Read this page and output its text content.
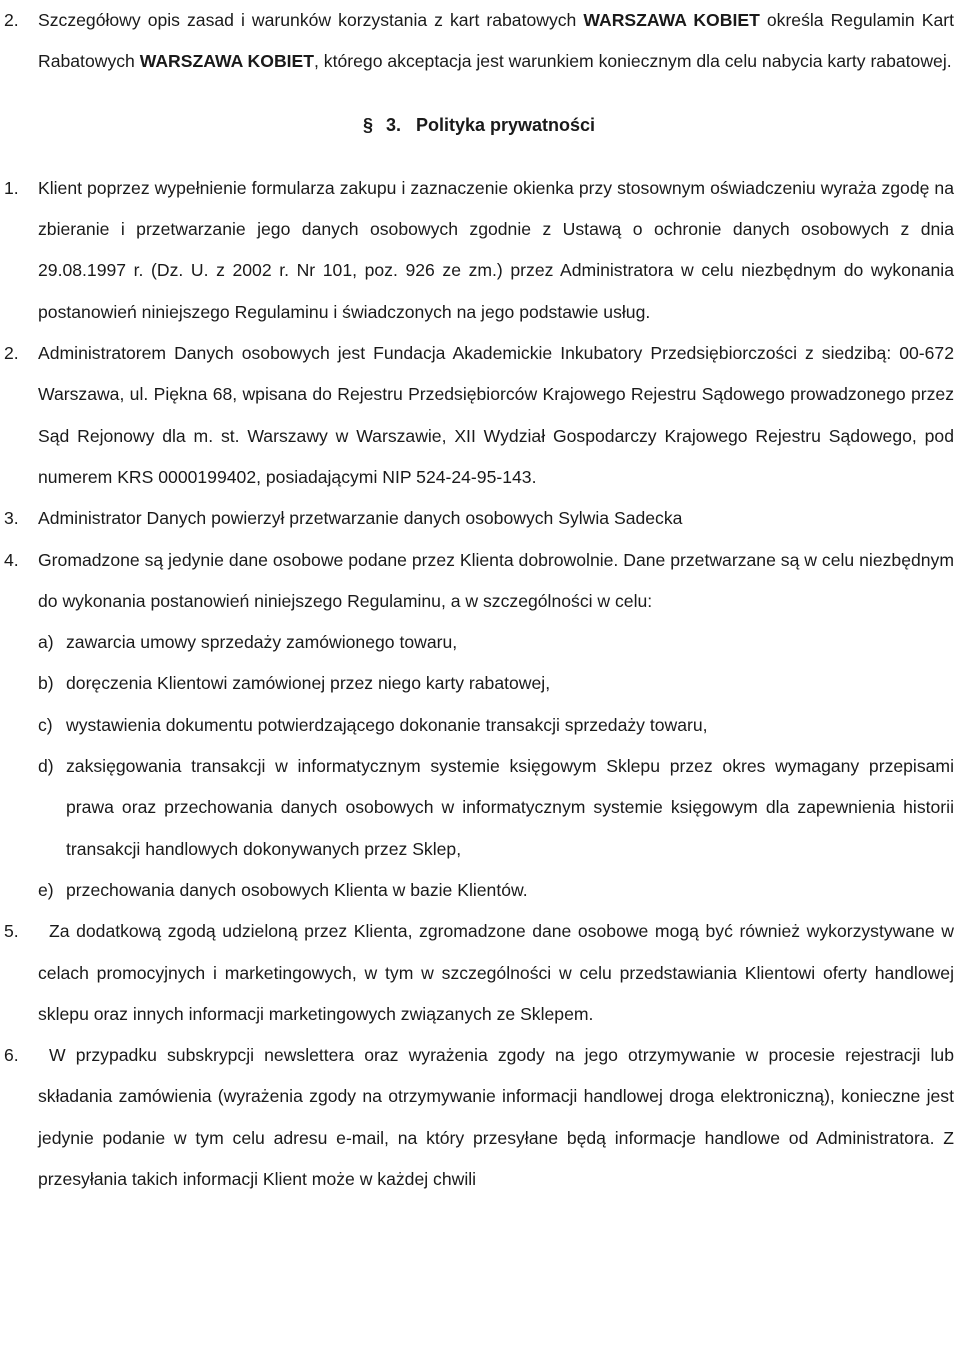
2.	Szczegółowy opis zasad i warunków korzystania z kart rabatowych WARSZAWA KOBIET określa Regulamin Kart Rabatowych WARSZAWA KOBIET, którego akceptacja jest warunkiem koniecznym dla celu nabycia karty rabatowej.
§ 3. Polityka prywatności
1.	Klient poprzez wypełnienie formularza zakupu i zaznaczenie okienka przy stosownym oświadczeniu wyraża zgodę na zbieranie i przetwarzanie jego danych osobowych zgodnie z Ustawą o ochronie danych osobowych z dnia 29.08.1997 r. (Dz. U. z 2002 r. Nr 101, poz. 926 ze zm.) przez Administratora w celu niezbędnym do wykonania postanowień niniejszego Regulaminu i świadczonych na jego podstawie usług.
2.	Administratorem Danych osobowych jest Fundacja Akademickie Inkubatory Przedsiębiorczości z siedzibą: 00-672 Warszawa, ul. Piękna 68, wpisana do Rejestru Przedsiębiorców Krajowego Rejestru Sądowego prowadzonego przez Sąd Rejonowy dla m. st. Warszawy w Warszawie, XII Wydział Gospodarczy Krajowego Rejestru Sądowego, pod numerem KRS 0000199402, posiadającymi NIP 524-24-95-143.
3.	Administrator Danych powierzył przetwarzanie danych osobowych Sylwia Sadecka
4.	Gromadzone są jedynie dane osobowe podane przez Klienta dobrowolnie. Dane przetwarzane są w celu niezbędnym do wykonania postanowień niniejszego Regulaminu, a w szczególności w celu:
a) zawarcia umowy sprzedaży zamówionego towaru,
b) doręczenia Klientowi zamówionej przez niego karty rabatowej,
c) wystawienia dokumentu potwierdzającego dokonanie transakcji sprzedaży towaru,
d) zaksięgowania transakcji w informatycznym systemie księgowym Sklepu przez okres wymagany przepisami prawa oraz przechowania danych osobowych w informatycznym systemie księgowym dla zapewnienia historii transakcji handlowych dokonywanych przez Sklep,
e) przechowania danych osobowych Klienta w bazie Klientów.
5.	Za dodatkową zgodą udzieloną przez Klienta, zgromadzone dane osobowe mogą być również wykorzystywane w celach promocyjnych i marketingowych, w tym w szczególności w celu przedstawiania Klientowi oferty handlowej sklepu oraz innych informacji marketingowych związanych ze Sklepem.
6.	W przypadku subskrypcji newslettera oraz wyrażenia zgody na jego otrzymywanie w procesie rejestracji lub składania zamówienia (wyrażenia zgody na otrzymywanie informacji handlowej droga elektroniczną), konieczne jest jedynie podanie w tym celu adresu e-mail, na który przesyłane będą informacje handlowe od Administratora. Z przesyłania takich informacji Klient może w każdej chwili
